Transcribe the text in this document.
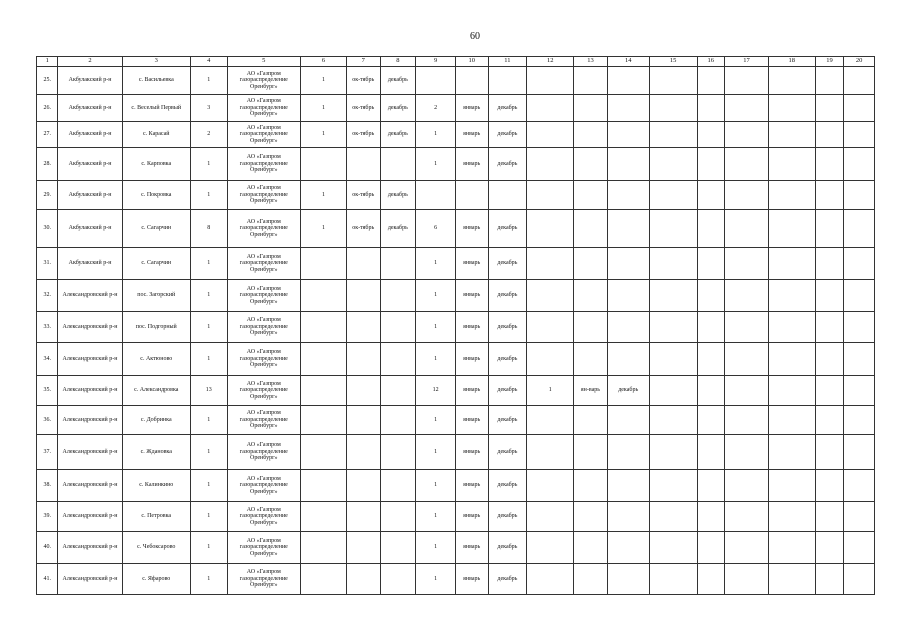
60
1	2	3	4	5	6	7	8	9	10	11	12	13	14	15	16	17	18	19	20
25.	Акбулакский р-н	с. Васильевка	1	АО «Газпром газораспределение Оренбург»	1	ок-тябрь	декабрь												
26.	Акбулакский р-н	с. Веселый Первый	3	АО «Газпром газораспределение Оренбург»	1	ок-тябрь	декабрь	2	январь	декабрь									
27.	Акбулакский р-н	с. Карасай	2	АО «Газпром газораспределение Оренбург»	1	ок-тябрь	декабрь	1	январь	декабрь									
28.	Акбулакский р-н	с. Карповка	1	АО «Газпром газораспределение Оренбург»				1	январь	декабрь									
29.	Акбулакский р-н	с. Покровка	1	АО «Газпром газораспределение Оренбург»	1	ок-тябрь	декабрь												
30.	Акбулакский р-н	с. Сагарчин	8	АО «Газпром газораспределение Оренбург»	1	ок-тябрь	декабрь	6	январь	декабрь									
31.	Акбулакский р-н	с. Сагарчин	1	АО «Газпром газораспределение Оренбург»				1	январь	декабрь									
32.	Александровский р-н	пос. Загорский	1	АО «Газпром газораспределение Оренбург»				1	январь	декабрь									
33.	Александровский р-н	пос. Подгорный	1	АО «Газпром газораспределение Оренбург»				1	январь	декабрь									
34.	Александровский р-н	с. Актюново	1	АО «Газпром газораспределение Оренбург»				1	январь	декабрь									
35.	Александровский р-н	с. Александровка	13	АО «Газпром газораспределение Оренбург»				12	январь	декабрь	1	ян-варь	декабрь						
36.	Александровский р-н	с. Добринка	1	АО «Газпром газораспределение Оренбург»				1	январь	декабрь									
37.	Александровский р-н	с. Ждановка	1	АО «Газпром газораспределение Оренбург»				1	январь	декабрь									
38.	Александровский р-н	с. Калинкино	1	АО «Газпром газораспределение Оренбург»				1	январь	декабрь									
39.	Александровский р-н	с. Петровка	1	АО «Газпром газораспределение Оренбург»				1	январь	декабрь									
40.	Александровский р-н	с. Чебоксарово	1	АО «Газпром газораспределение Оренбург»				1	январь	декабрь									
41.	Александровский р-н	с. Яфарово	1	АО «Газпром газораспределение Оренбург»				1	январь	декабрь									
